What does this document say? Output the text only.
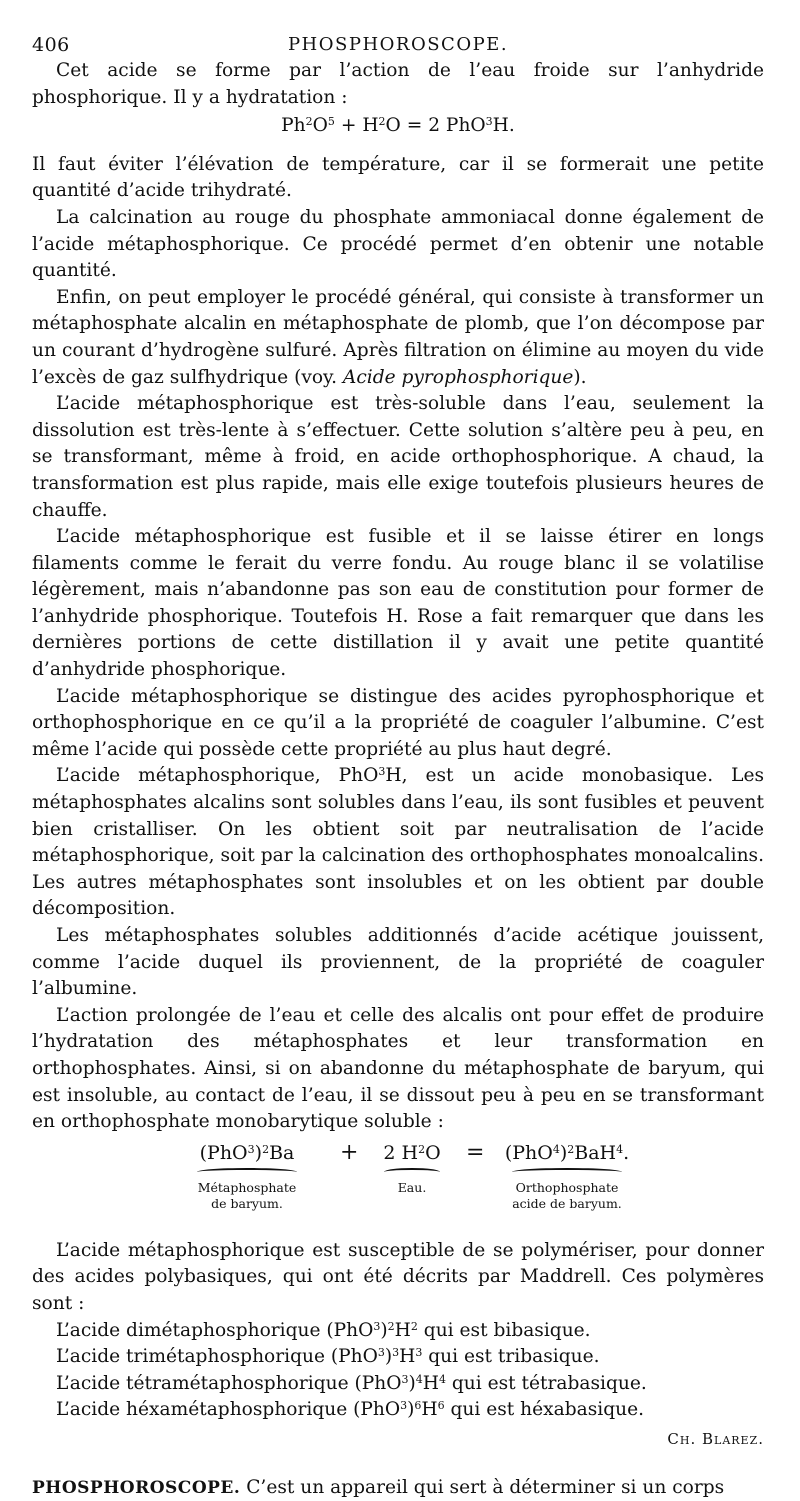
406	PHOSPHOROSCOPE.

Cet acide se forme par l’action de l’eau froide sur l’anhydride phosphorique. Il y a hydratation :

$Ph^2O^5 + H^2O = 2$ PhO$^3$H.

Il faut éviter l’élévation de température, car il se formerait une petite quantité d’acide trihydraté.

La calcination au rouge du phosphate ammoniacal donne également de l’acide métaphosphorique. Ce procédé permet d’en obtenir une notable quantité.

Enfin, on peut employer le procédé général, qui consiste à transformer un métaphosphate alcalin en métaphosphate de plomb, que l’on décompose par un courant d’hydrogène sulfuré. Après filtration on élimine au moyen du vide l’excès de gaz sulfhydrique (voy. Acide pyrophosphorique).

L’acide métaphosphorique est très-soluble dans l’eau, seulement la dissolution est très-lente à s’effectuer. Cette solution s’altère peu à peu, en se transformant, même à froid, en acide orthophosphorique. A chaud, la transformation est plus rapide, mais elle exige toutefois plusieurs heures de chauffe.

L’acide métaphosphorique est fusible et il se laisse étirer en longs filaments comme le ferait du verre fondu. Au rouge blanc il se volatilise légèrement, mais n’abandonne pas son eau de constitution pour former de l’anhydride phosphorique. Toutefois H. Rose a fait remarquer que dans les dernières portions de cette distillation il y avait une petite quantité d’anhydride phosphorique.

L’acide métaphosphorique se distingue des acides pyrophosphorique et orthophosphorique en ce qu’il a la propriété de coaguler l’albumine. C’est même l’acide qui possède cette propriété au plus haut degré.

L’acide métaphosphorique, PhO$^3$H, est un acide monobasique. Les métaphosphates alcalins sont solubles dans l’eau, ils sont fusibles et peuvent bien cristalliser. On les obtient soit par neutralisation de l’acide métaphosphorique, soit par la calcination des orthophosphates monoalcalins. Les autres métaphosphates sont insolubles et on les obtient par double décomposition.

Les métaphosphates solubles additionnés d’acide acétique jouissent, comme l’acide duquel ils proviennent, de la propriété de coaguler l’albumine.

L’action prolongée de l’eau et celle des alcalis ont pour effet de produire l’hydratation des métaphosphates et leur transformation en orthophosphates. Ainsi, si on abandonne du métaphosphate de baryum, qui est insoluble, au contact de l’eau, il se dissout peu à peu en se transformant en orthophosphate monobarytique soluble :

$(PhO^3)^2Ba$
Métaphosphate
de baryum.
+	2 $H^2O$
Eau.
=	$(PhO^4)^2BaH^4$.
Orthophosphate
acide de baryum.

L’acide métaphosphorique est susceptible de se polymériser, pour donner des acides polybasiques, qui ont été décrits par Maddrell. Ces polymères sont :

L’acide dimétaphosphorique $(PhO^3)^2H^2$ qui est bibasique.

L’acide trimétaphosphorique $(PhO^3)^3H^3$ qui est tribasique.

L’acide tétramétaphosphorique $(PhO^3)^4H^4$ qui est tétrabasique.

L’acide héxamétaphosphorique $(PhO^3)^6H^6$ qui est héxabasique.

Ch. Blarez.

PHOSPHOROSCOPE. C’est un appareil qui sert à déterminer si un corps
